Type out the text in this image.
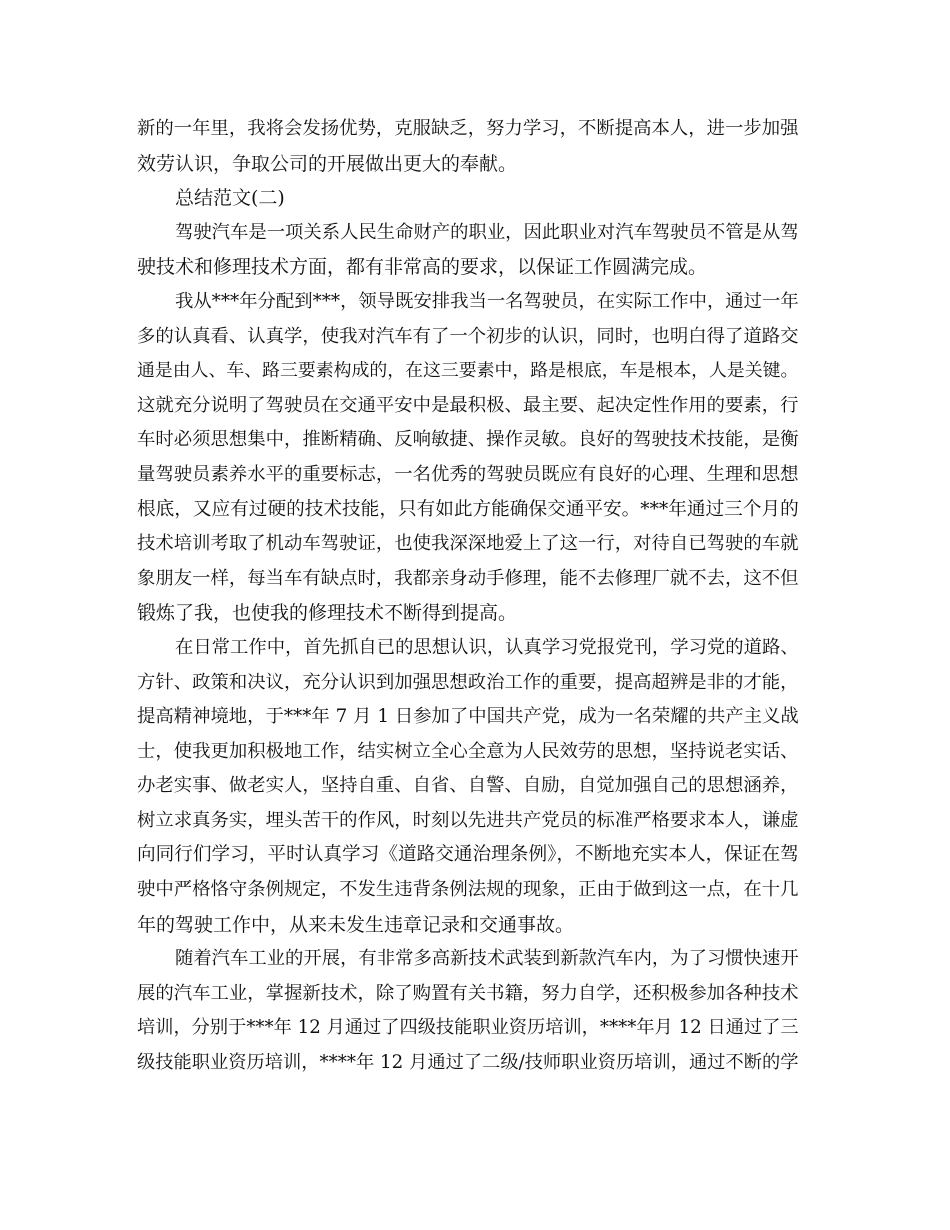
新的一年里，我将会发扬优势，克服缺乏，努力学习，不断提高本人，进一步加强
效劳认识，争取公司的开展做出更大的奉献。
总结范文(二)
驾驶汽车是一项关系人民生命财产的职业，因此职业对汽车驾驶员不管是从驾
驶技术和修理技术方面，都有非常高的要求，以保证工作圆满完成。
我从***年分配到***，领导既安排我当一名驾驶员，在实际工作中，通过一年
多的认真看、认真学，使我对汽车有了一个初步的认识，同时，也明白得了道路交
通是由人、车、路三要素构成的，在这三要素中，路是根底，车是根本，人是关键。
这就充分说明了驾驶员在交通平安中是最积极、最主要、起决定性作用的要素，行
车时必须思想集中，推断精确、反响敏捷、操作灵敏。良好的驾驶技术技能，是衡
量驾驶员素养水平的重要标志，一名优秀的驾驶员既应有良好的心理、生理和思想
根底，又应有过硬的技术技能，只有如此方能确保交通平安。***年通过三个月的
技术培训考取了机动车驾驶证，也使我深深地爱上了这一行，对待自已驾驶的车就
象朋友一样，每当车有缺点时，我都亲身动手修理，能不去修理厂就不去，这不但
锻炼了我，也使我的修理技术不断得到提高。
在日常工作中，首先抓自已的思想认识，认真学习党报党刊，学习党的道路、
方针、政策和决议，充分认识到加强思想政治工作的重要，提高超辨是非的才能，
提高精神境地，于***年 7 月 1 日参加了中国共产党，成为一名荣耀的共产主义战
士，使我更加积极地工作，结实树立全心全意为人民效劳的思想，坚持说老实话、
办老实事、做老实人，坚持自重、自省、自警、自励，自觉加强自己的思想涵养，
树立求真务实，埋头苦干的作风，时刻以先进共产党员的标准严格要求本人，谦虚
向同行们学习，平时认真学习《道路交通治理条例》，不断地充实本人，保证在驾
驶中严格恪守条例规定，不发生违背条例法规的现象，正由于做到这一点，在十几
年的驾驶工作中，从来未发生违章记录和交通事故。
随着汽车工业的开展，有非常多高新技术武装到新款汽车内，为了习惯快速开
展的汽车工业，掌握新技术，除了购置有关书籍，努力自学，还积极参加各种技术
培训，分别于***年 12 月通过了四级技能职业资历培训，****年月 12 日通过了三
级技能职业资历培训，****年 12 月通过了二级/技师职业资历培训，通过不断的学
